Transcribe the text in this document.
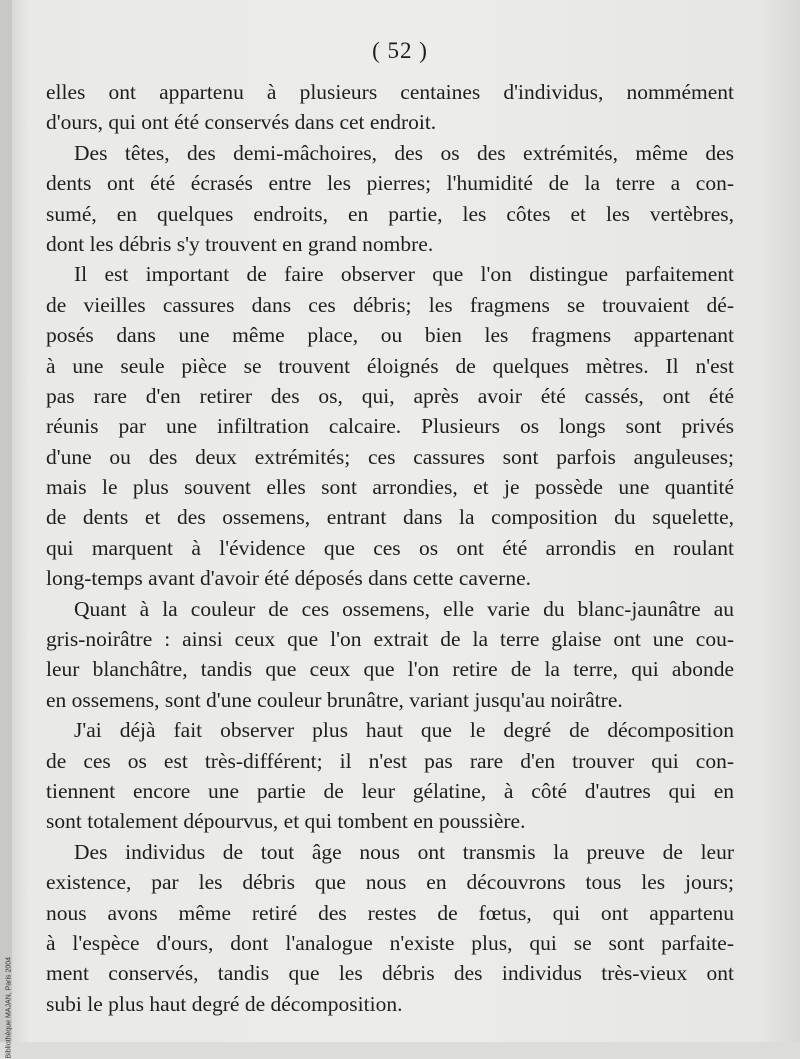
Bibliothèque MAJAN, Paris 2004
( 52 )
elles ont appartenu à plusieurs centaines d'individus, nommément
d'ours, qui ont été conservés dans cet endroit.
Des têtes, des demi-mâchoires, des os des extrémités, même des
dents ont été écrasés entre les pierres; l'humidité de la terre a con-
sumé, en quelques endroits, en partie, les côtes et les vertèbres,
dont les débris s'y trouvent en grand nombre.
Il est important de faire observer que l'on distingue parfaitement
de vieilles cassures dans ces débris; les fragmens se trouvaient dé-
posés dans une même place, ou bien les fragmens appartenant
à une seule pièce se trouvent éloignés de quelques mètres. Il n'est
pas rare d'en retirer des os, qui, après avoir été cassés, ont été
réunis par une infiltration calcaire. Plusieurs os longs sont privés
d'une ou des deux extrémités; ces cassures sont parfois anguleuses;
mais le plus souvent elles sont arrondies, et je possède une quantité
de dents et des ossemens, entrant dans la composition du squelette,
qui marquent à l'évidence que ces os ont été arrondis en roulant
long-temps avant d'avoir été déposés dans cette caverne.
Quant à la couleur de ces ossemens, elle varie du blanc-jaunâtre au
gris-noirâtre : ainsi ceux que l'on extrait de la terre glaise ont une cou-
leur blanchâtre, tandis que ceux que l'on retire de la terre, qui abonde
en ossemens, sont d'une couleur brunâtre, variant jusqu'au noirâtre.
J'ai déjà fait observer plus haut que le degré de décomposition
de ces os est très-différent; il n'est pas rare d'en trouver qui con-
tiennent encore une partie de leur gélatine, à côté d'autres qui en
sont totalement dépourvus, et qui tombent en poussière.
Des individus de tout âge nous ont transmis la preuve de leur
existence, par les débris que nous en découvrons tous les jours;
nous avons même retiré des restes de fœtus, qui ont appartenu
à l'espèce d'ours, dont l'analogue n'existe plus, qui se sont parfaite-
ment conservés, tandis que les débris des individus très-vieux ont
subi le plus haut degré de décomposition.
